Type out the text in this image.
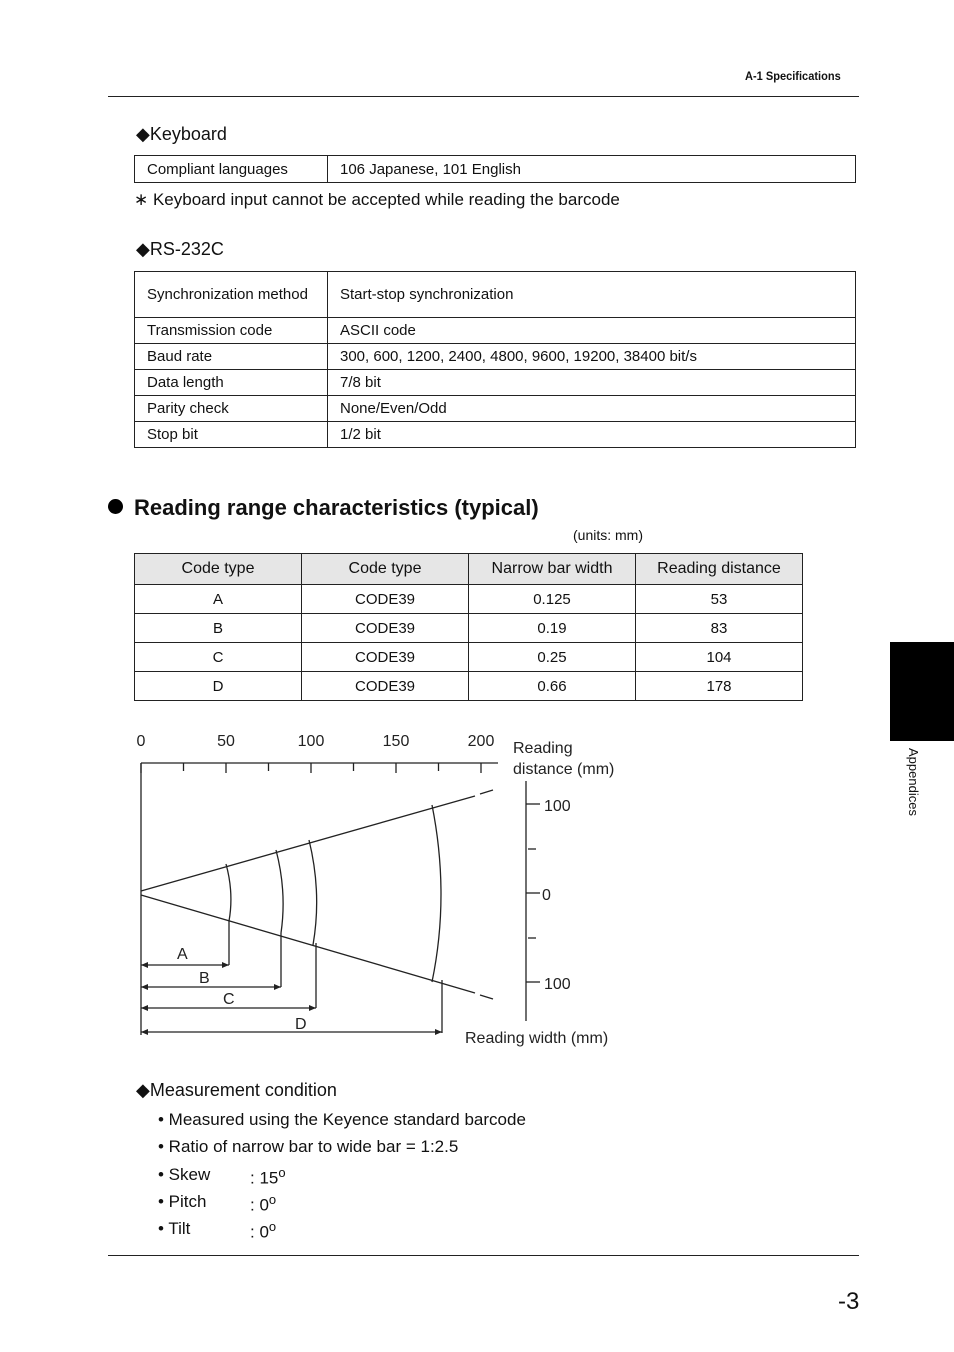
A-1 Specifications
◆Keyboard
Compliant languages	106 Japanese, 101 English
∗ Keyboard input cannot be accepted while reading the barcode
◆RS-232C
Synchronization method	Start-stop synchronization
Transmission code	ASCII code
Baud rate	300, 600, 1200, 2400, 4800, 9600, 19200, 38400 bit/s
Data length	7/8 bit
Parity check	None/Even/Odd
Stop bit	1/2 bit
Reading range characteristics (typical)
(units: mm)
Code type	Code type	Narrow bar width	Reading distance
A	CODE39	0.125	53
B	CODE39	0.19	83
C	CODE39	0.25	104
D	CODE39	0.66	178
0	50	100	150	200 Reading
distance (mm)
100
0
100
Reading width (mm)
A
B
C
D
◆Measurement condition
• Measured using the Keyence standard barcode
• Ratio of narrow bar to wide bar = 1:2.5
• Skew : 15$^o$
• Pitch	: 0$^o$
• Tilt	: 0$^o$
-3
Appendices
